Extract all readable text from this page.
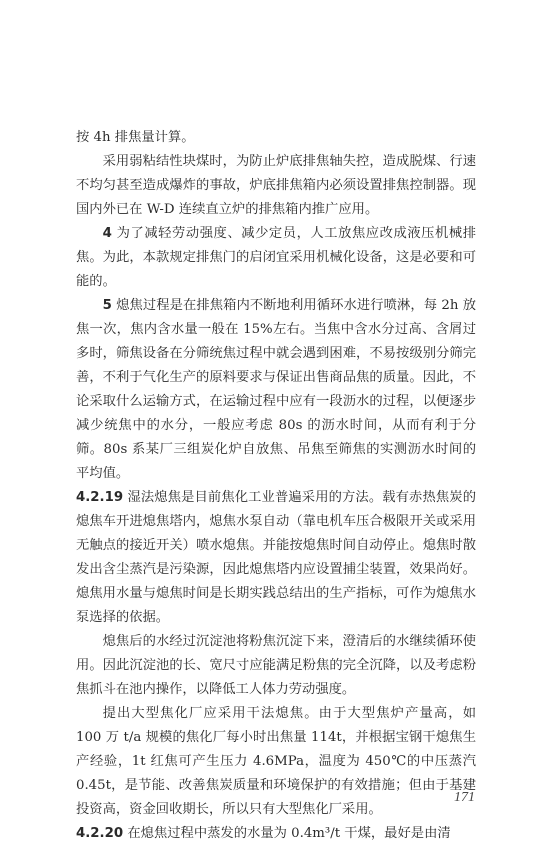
按 4h 排焦量计算。

采用弱粘结性块煤时，为防止炉底排焦轴失控，造成脱煤、行速不均匀甚至造成爆炸的事故，炉底排焦箱内必须设置排焦控制器。现国内外已在 W-D 连续直立炉的排焦箱内推广应用。

4 为了减轻劳动强度、减少定员，人工放焦应改成液压机械排焦。为此，本款规定排焦门的启闭宜采用机械化设备，这是必要和可能的。

5 熄焦过程是在排焦箱内不断地利用循环水进行喷淋，每 2h 放焦一次，焦内含水量一般在 15%左右。当焦中含水分过高、含屑过多时，筛焦设备在分筛统焦过程中就会遇到困难，不易按级别分筛完善，不利于气化生产的原料要求与保证出售商品焦的质量。因此，不论采取什么运输方式，在运输过程中应有一段沥水的过程，以便逐步减少统焦中的水分，一般应考虑 80s 的沥水时间，从而有利于分筛。80s 系某厂三组炭化炉自放焦、吊焦至筛焦的实测沥水时间的平均值。

4.2.19 湿法熄焦是目前焦化工业普遍采用的方法。载有赤热焦炭的熄焦车开进熄焦塔内，熄焦水泵自动（靠电机车压合极限开关或采用无触点的接近开关）喷水熄焦。并能按熄焦时间自动停止。熄焦时散发出含尘蒸汽是污染源，因此熄焦塔内应设置捕尘装置，效果尚好。熄焦用水量与熄焦时间是长期实践总结出的生产指标，可作为熄焦水泵选择的依据。

熄焦后的水经过沉淀池将粉焦沉淀下来，澄清后的水继续循环使用。因此沉淀池的长、宽尺寸应能满足粉焦的完全沉降，以及考虑粉焦抓斗在池内操作，以降低工人体力劳动强度。

提出大型焦化厂应采用干法熄焦。由于大型焦炉产量高，如 100 万 t/a 规模的焦化厂每小时出焦量 114t，并根据宝钢干熄焦生产经验，1t 红焦可产生压力 4.6MPa，温度为 450℃的中压蒸汽 0.45t，是节能、改善焦炭质量和环境保护的有效措施；但由于基建投资高，资金回收期长，所以只有大型焦化厂采用。

4.2.20 在熄焦过程中蒸发的水量为 0.4m³/t 干煤，最好是由清

171
